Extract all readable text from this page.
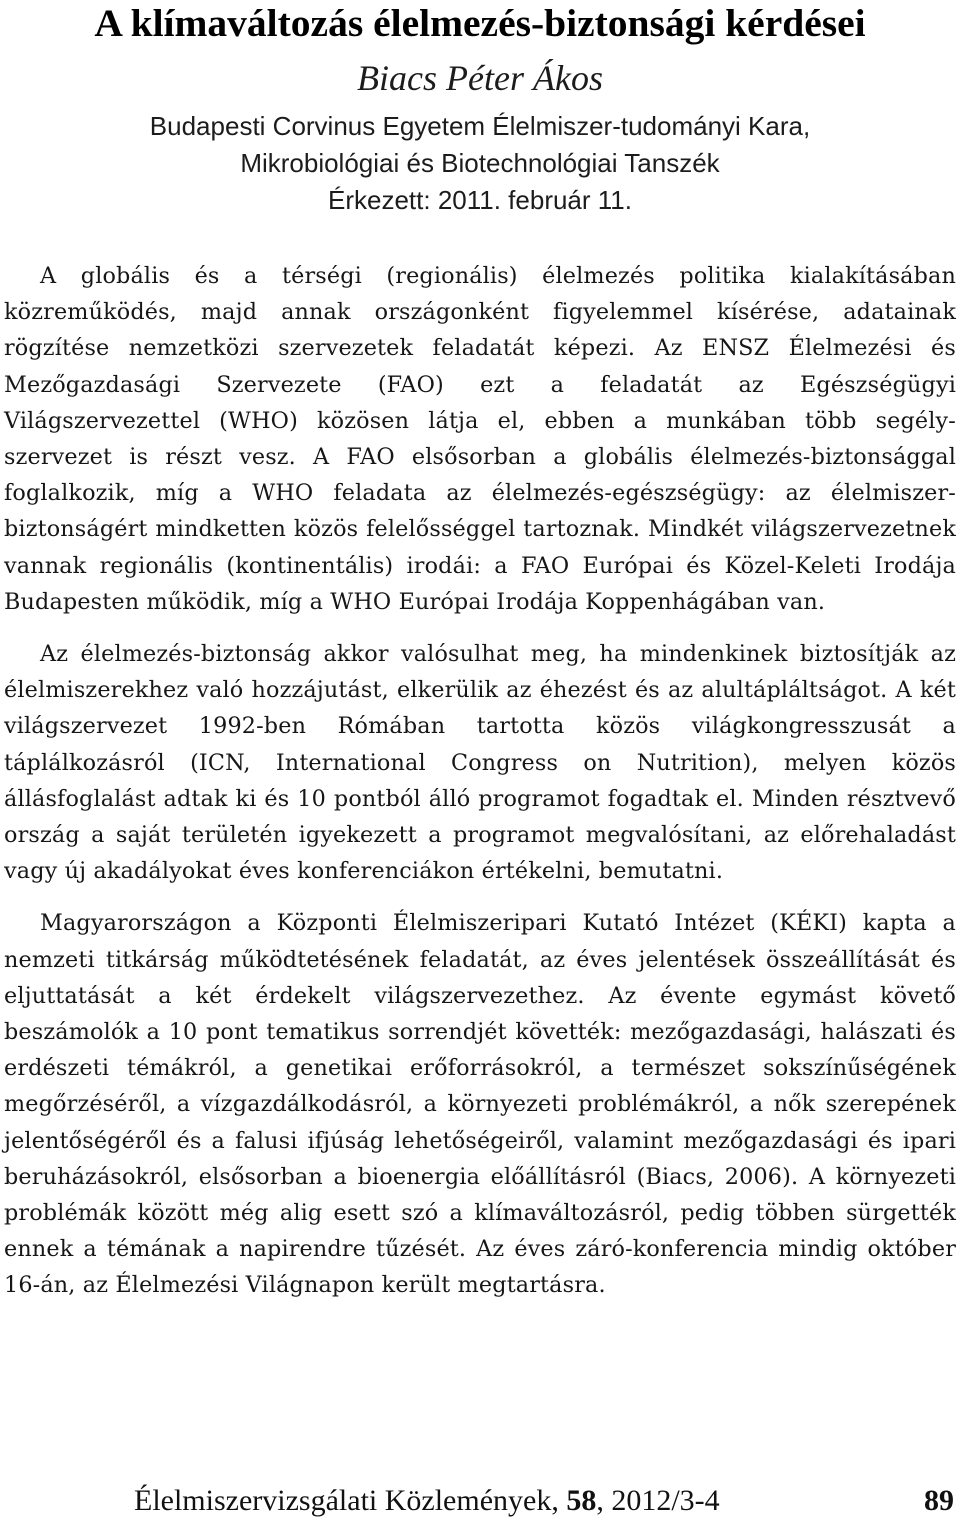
A klímaváltozás élelmezés-biztonsági kérdései
Biacs Péter Ákos
Budapesti Corvinus Egyetem Élelmiszer-tudományi Kara,
Mikrobiológiai és Biotechnológiai Tanszék
Érkezett: 2011. február 11.

A globális és a térségi (regionális) élelmezés politika kialakításában közreműködés, majd annak országonként figyelemmel kísérése, adatainak rögzítése nemzetközi szervezetek feladatát képezi. Az ENSZ Élelmezési és Mezőgazdasági Szervezete (FAO) ezt a feladatát az Egészségügyi Világszervezettel (WHO) közösen látja el, ebben a munkában több segély-szervezet is részt vesz. A FAO elsősorban a globális élelmezés-biztonsággal foglalkozik, míg a WHO feladata az élelmezés-egészségügy: az élelmiszer-biztonságért mindketten közös felelősséggel tartoznak. Mindkét világszervezetnek vannak regionális (kontinentális) irodái: a FAO Európai és Közel-Keleti Irodája Budapesten működik, míg a WHO Európai Irodája Koppenhágában van.

Az élelmezés-biztonság akkor valósulhat meg, ha mindenkinek biztosítják az élelmiszerekhez való hozzájutást, elkerülik az éhezést és az alultápláltságot. A két világszervezet 1992-ben Rómában tartotta közös világkongresszusát a táplálkozásról (ICN, International Congress on Nutrition), melyen közös állásfoglalást adtak ki és 10 pontból álló programot fogadtak el. Minden résztvevő ország a saját területén igyekezett a programot megvalósítani, az előrehaladást vagy új akadályokat éves konferenciákon értékelni, bemutatni.

Magyarországon a Központi Élelmiszeripari Kutató Intézet (KÉKI) kapta a nemzeti titkárság működtetésének feladatát, az éves jelentések összeállítását és eljuttatását a két érdekelt világszervezethez. Az évente egymást követő beszámolók a 10 pont tematikus sorrendjét követték: mezőgazdasági, halászati és erdészeti témákról, a genetikai erőforrásokról, a természet sokszínűségének megőrzéséről, a vízgazdálkodásról, a környezeti problémákról, a nők szerepének jelentőségéről és a falusi ifjúság lehetőségeiről, valamint mezőgazdasági és ipari beruházásokról, elsősorban a bioenergia előállításról (Biacs, 2006). A környezeti problémák között még alig esett szó a klímaváltozásról, pedig többen sürgették ennek a témának a napirendre tűzését. Az éves záró-konferencia mindig október 16-án, az Élelmezési Világnapon került megtartásra.

Élelmiszervizsgálati Közlemények, 58, 2012/3-4	89
